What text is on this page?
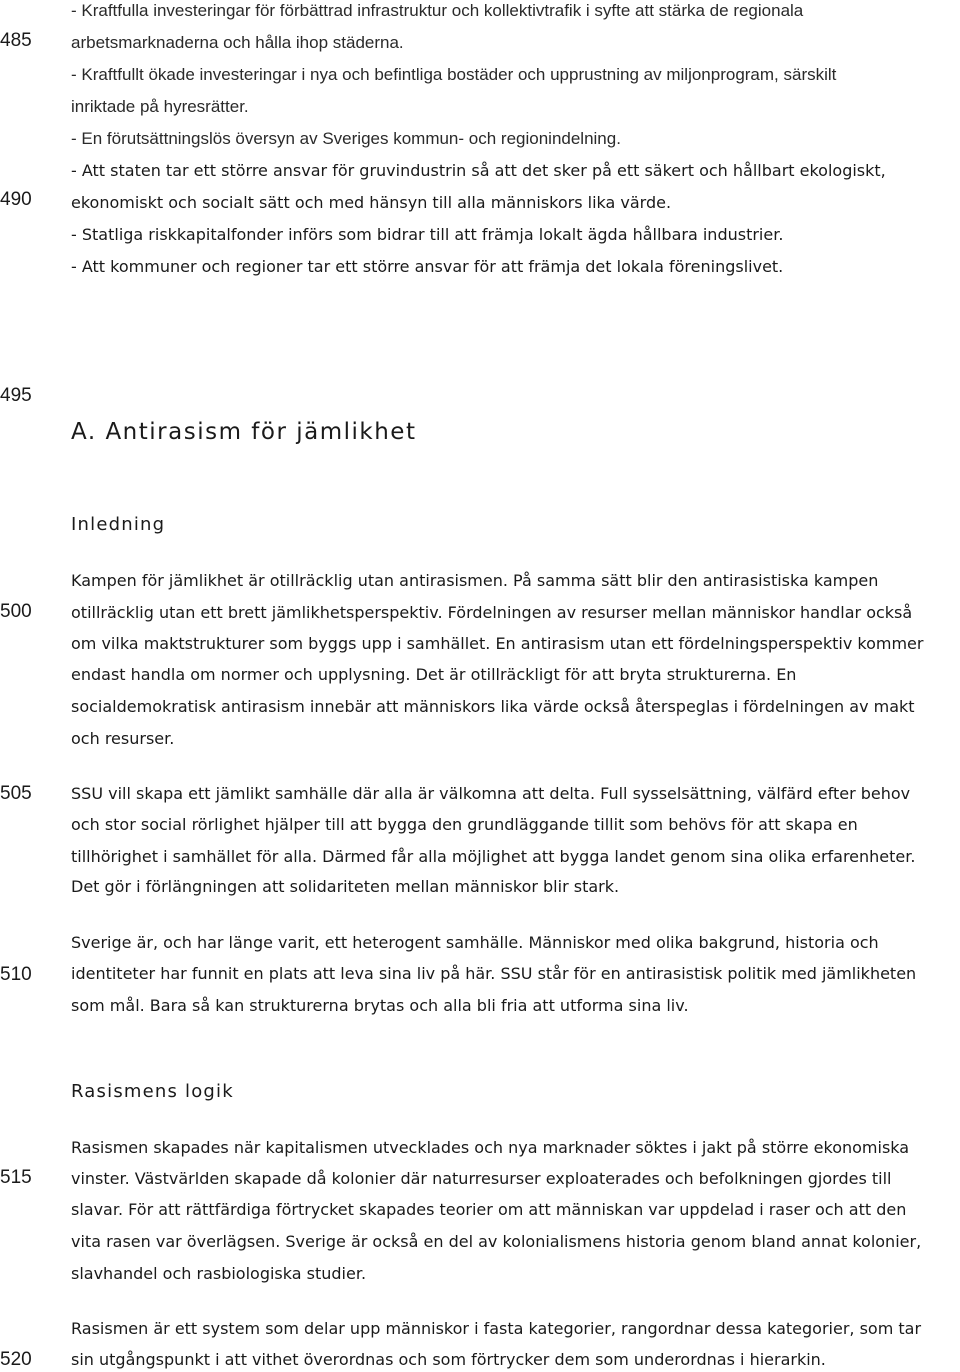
485
490
495
500
505
510
515
520
- Kraftfulla investeringar för förbättrad infrastruktur och kollektivtrafik i syfte att stärka de regionala
arbetsmarknaderna och hålla ihop städerna.
- Kraftfullt ökade investeringar i nya och befintliga bostäder och upprustning av miljonprogram, särskilt
inriktade på hyresrätter.
- En förutsättningslös översyn av Sveriges kommun- och regionindelning.
- Att staten tar ett större ansvar för gruvindustrin så att det sker på ett säkert och hållbart ekologiskt,
ekonomiskt och socialt sätt och med hänsyn till alla människors lika värde.
- Statliga riskkapitalfonder införs som bidrar till att främja lokalt ägda hållbara industrier.
- Att kommuner och regioner tar ett större ansvar för att främja det lokala föreningslivet.
A. Antirasism för jämlikhet
Inledning
Kampen för jämlikhet är otillräcklig utan antirasismen. På samma sätt blir den antirasistiska kampen
otillräcklig utan ett brett jämlikhetsperspektiv. Fördelningen av resurser mellan människor handlar också
om vilka maktstrukturer som byggs upp i samhället. En antirasism utan ett fördelningsperspektiv kommer
endast handla om normer och upplysning. Det är otillräckligt för att bryta strukturerna. En
socialdemokratisk antirasism innebär att människors lika värde också återspeglas i fördelningen av makt
och resurser.
SSU vill skapa ett jämlikt samhälle där alla är välkomna att delta. Full sysselsättning, välfärd efter behov
och stor social rörlighet hjälper till att bygga den grundläggande tillit som behövs för att skapa en
tillhörighet i samhället för alla. Därmed får alla möjlighet att bygga landet genom sina olika erfarenheter.
Det gör i förlängningen att solidariteten mellan människor blir stark.
Sverige är, och har länge varit, ett heterogent samhälle. Människor med olika bakgrund, historia och
identiteter har funnit en plats att leva sina liv på här. SSU står för en antirasistisk politik med jämlikheten
som mål. Bara så kan strukturerna brytas och alla bli fria att utforma sina liv.
Rasismens logik
Rasismen skapades när kapitalismen utvecklades och nya marknader söktes i jakt på större ekonomiska
vinster. Västvärlden skapade då kolonier där naturresurser exploaterades och befolkningen gjordes till
slavar. För att rättfärdiga förtrycket skapades teorier om att människan var uppdelad i raser och att den
vita rasen var överlägsen. Sverige är också en del av kolonialismens historia genom bland annat kolonier,
slavhandel och rasbiologiska studier.
Rasismen är ett system som delar upp människor i fasta kategorier, rangordnar dessa kategorier, som tar
sin utgångspunkt i att vithet överordnas och som förtrycker dem som underordnas i hierarkin.
